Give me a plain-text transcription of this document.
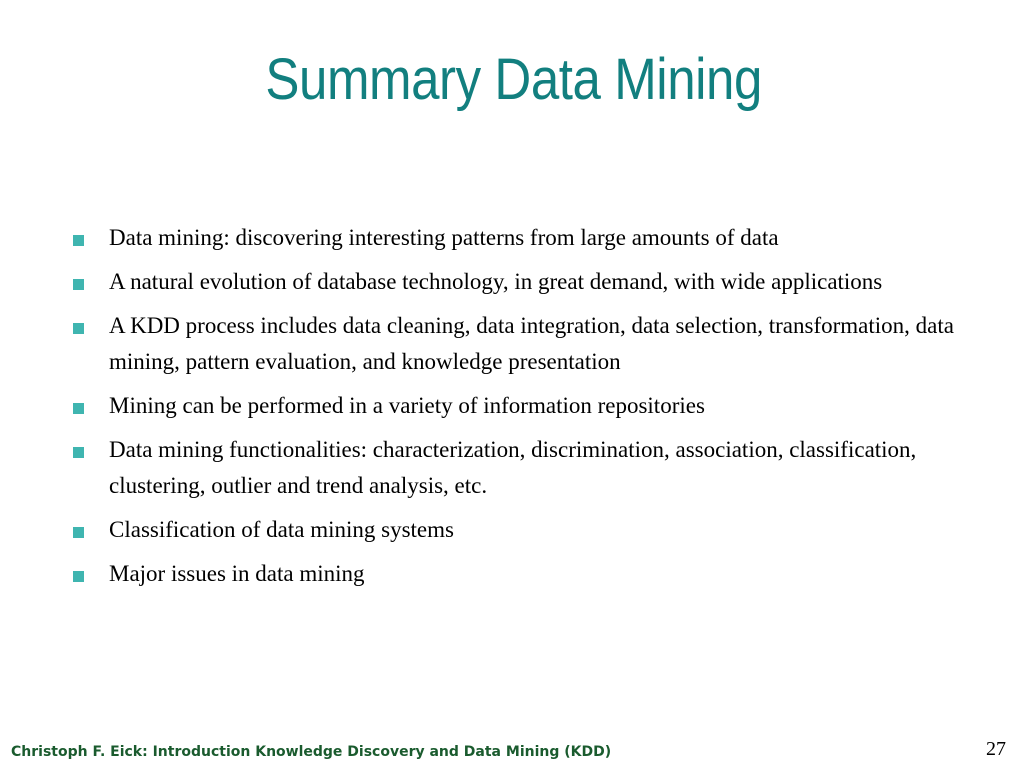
Summary Data Mining
Data mining: discovering interesting patterns from large amounts of data
A natural evolution of database technology, in great demand, with wide applications
A KDD process includes data cleaning, data integration, data selection, transformation, data mining, pattern evaluation, and knowledge presentation
Mining can be performed in a variety of information repositories
Data mining functionalities: characterization, discrimination, association, classification, clustering, outlier and trend analysis, etc.
Classification of data mining systems
Major issues in data mining
Christoph F. Eick: Introduction Knowledge Discovery and Data Mining (KDD)	27
